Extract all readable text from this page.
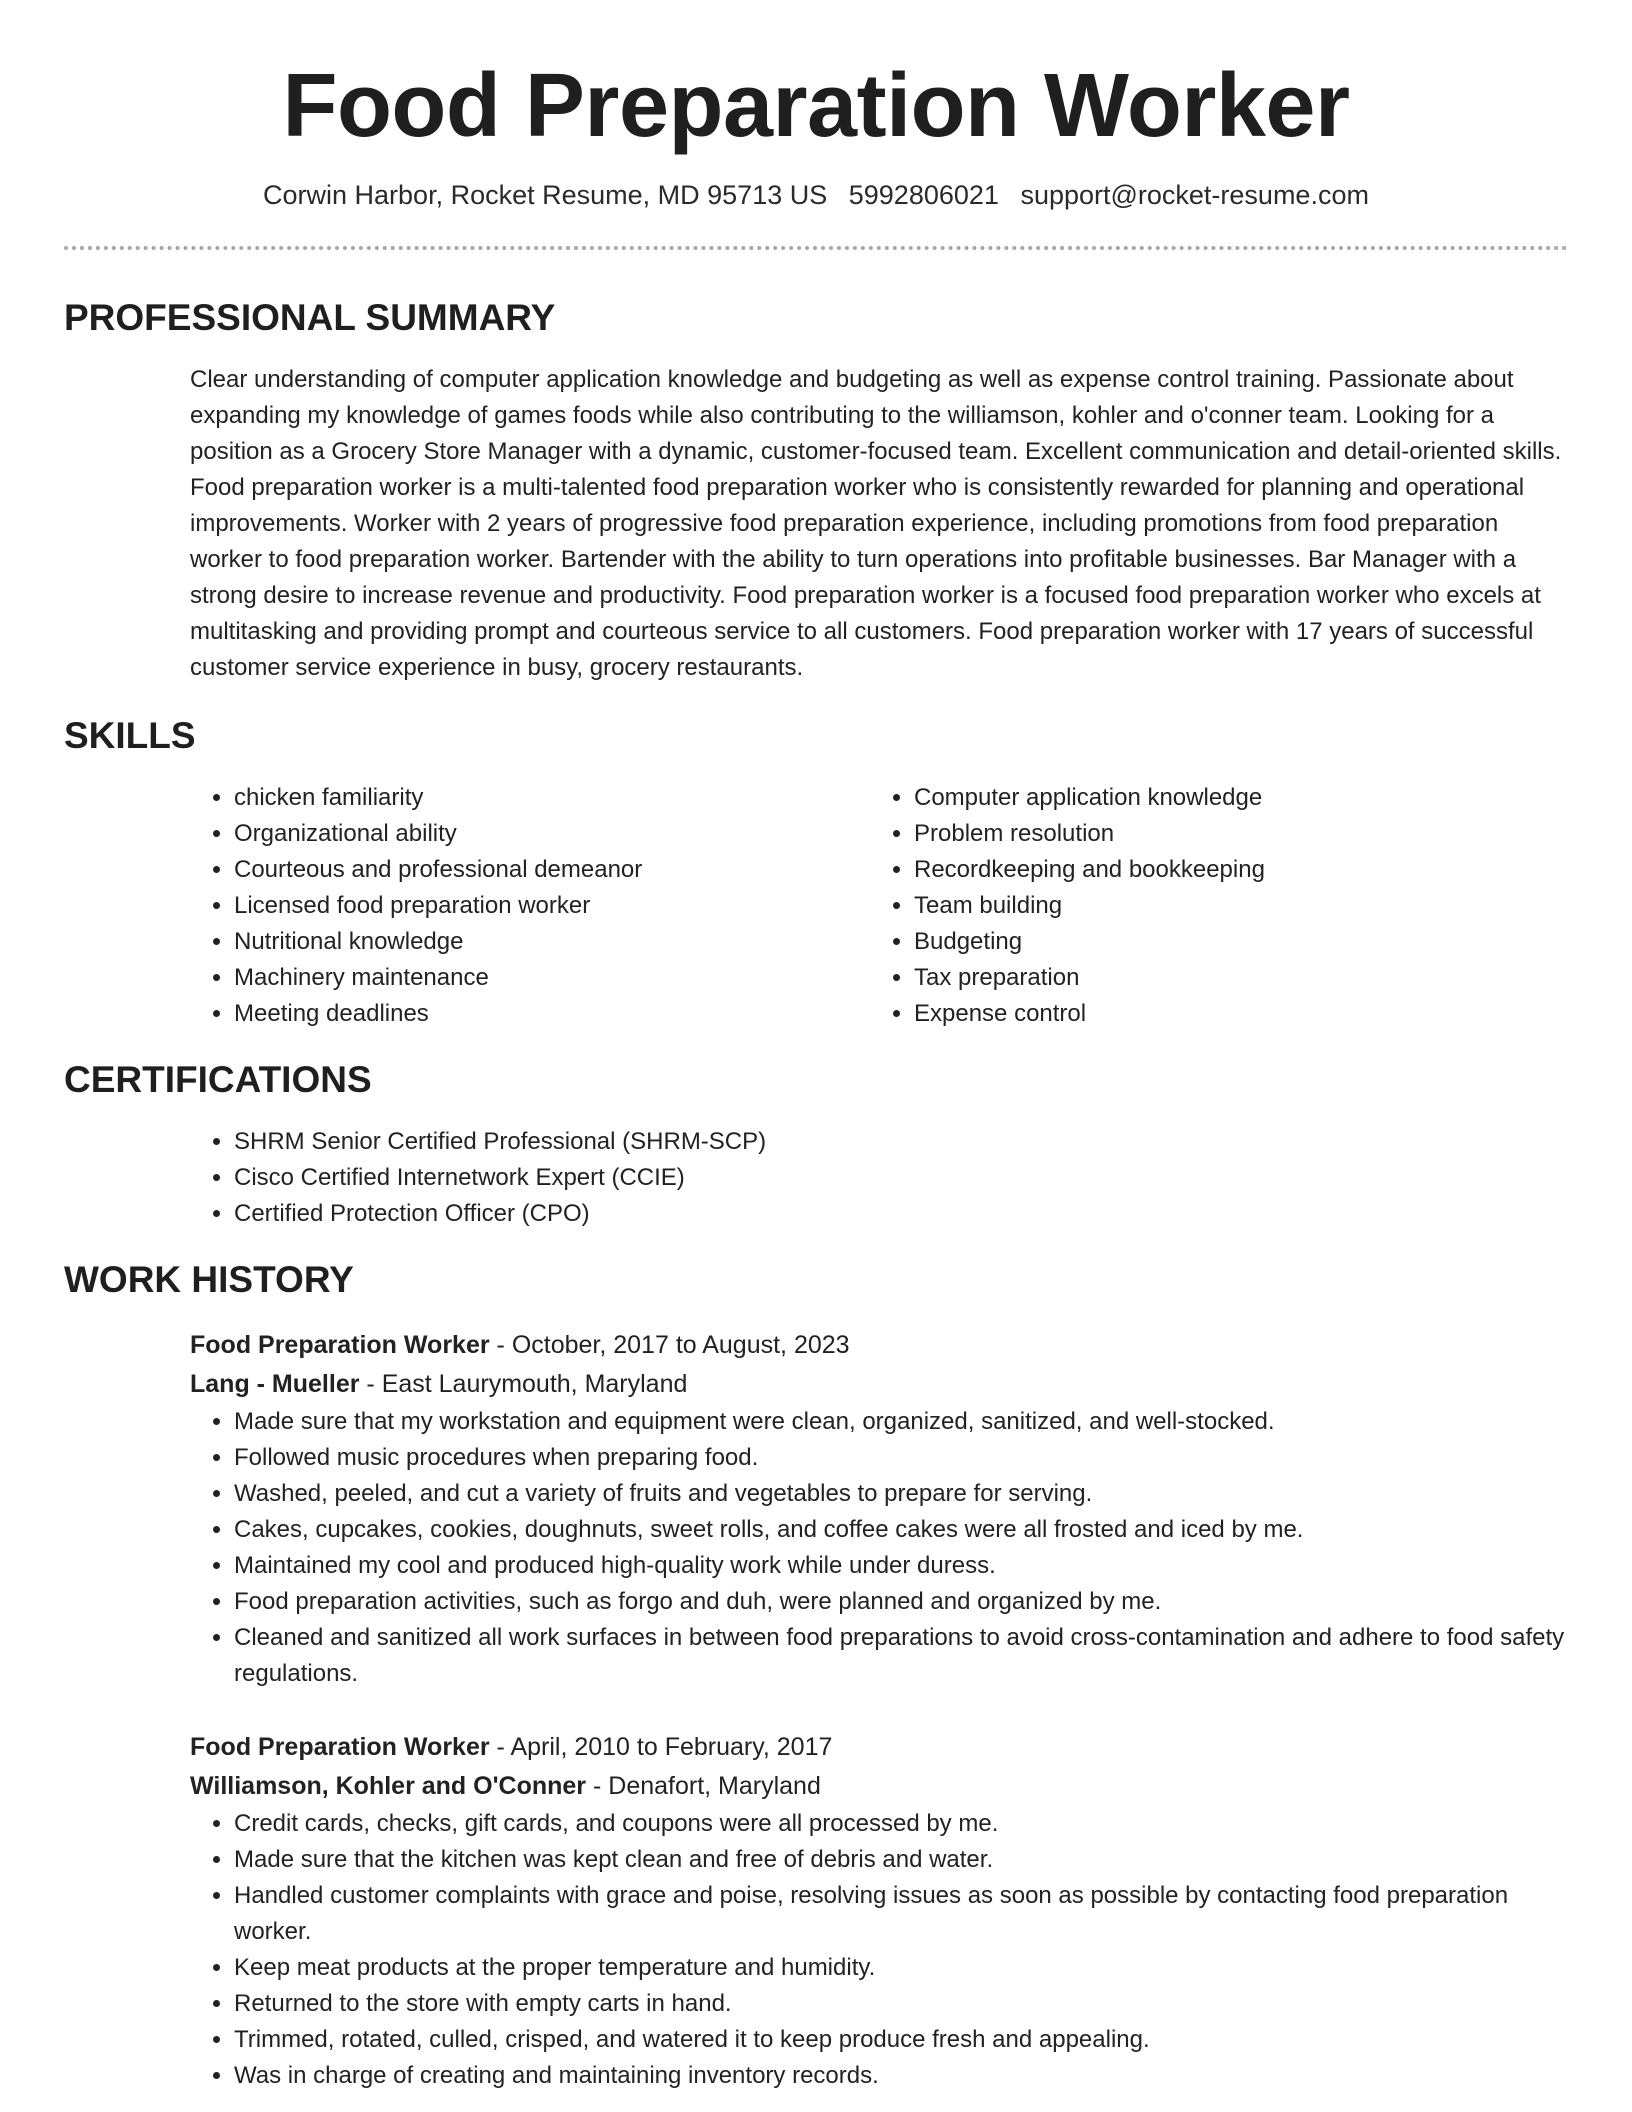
Food Preparation Worker
Corwin Harbor, Rocket Resume, MD 95713 US 5992806021 support@rocket-resume.com
PROFESSIONAL SUMMARY
Clear understanding of computer application knowledge and budgeting as well as expense control training. Passionate about expanding my knowledge of games foods while also contributing to the williamson, kohler and o'conner team. Looking for a position as a Grocery Store Manager with a dynamic, customer-focused team. Excellent communication and detail-oriented skills. Food preparation worker is a multi-talented food preparation worker who is consistently rewarded for planning and operational improvements. Worker with 2 years of progressive food preparation experience, including promotions from food preparation worker to food preparation worker. Bartender with the ability to turn operations into profitable businesses. Bar Manager with a strong desire to increase revenue and productivity. Food preparation worker is a focused food preparation worker who excels at multitasking and providing prompt and courteous service to all customers. Food preparation worker with 17 years of successful customer service experience in busy, grocery restaurants.
SKILLS
• chicken familiarity
• Organizational ability
• Courteous and professional demeanor
• Licensed food preparation worker
• Nutritional knowledge
• Machinery maintenance
• Meeting deadlines
• Computer application knowledge
• Problem resolution
• Recordkeeping and bookkeeping
• Team building
• Budgeting
• Tax preparation
• Expense control
CERTIFICATIONS
• SHRM Senior Certified Professional (SHRM-SCP)
• Cisco Certified Internetwork Expert (CCIE)
• Certified Protection Officer (CPO)
WORK HISTORY
Food Preparation Worker - October, 2017 to August, 2023
Lang - Mueller - East Laurymouth, Maryland
• Made sure that my workstation and equipment were clean, organized, sanitized, and well-stocked.
• Followed music procedures when preparing food.
• Washed, peeled, and cut a variety of fruits and vegetables to prepare for serving.
• Cakes, cupcakes, cookies, doughnuts, sweet rolls, and coffee cakes were all frosted and iced by me.
• Maintained my cool and produced high-quality work while under duress.
• Food preparation activities, such as forgo and duh, were planned and organized by me.
• Cleaned and sanitized all work surfaces in between food preparations to avoid cross-contamination and adhere to food safety regulations.
Food Preparation Worker - April, 2010 to February, 2017
Williamson, Kohler and O'Conner - Denafort, Maryland
• Credit cards, checks, gift cards, and coupons were all processed by me.
• Made sure that the kitchen was kept clean and free of debris and water.
• Handled customer complaints with grace and poise, resolving issues as soon as possible by contacting food preparation worker.
• Keep meat products at the proper temperature and humidity.
• Returned to the store with empty carts in hand.
• Trimmed, rotated, culled, crisped, and watered it to keep produce fresh and appealing.
• Was in charge of creating and maintaining inventory records.
